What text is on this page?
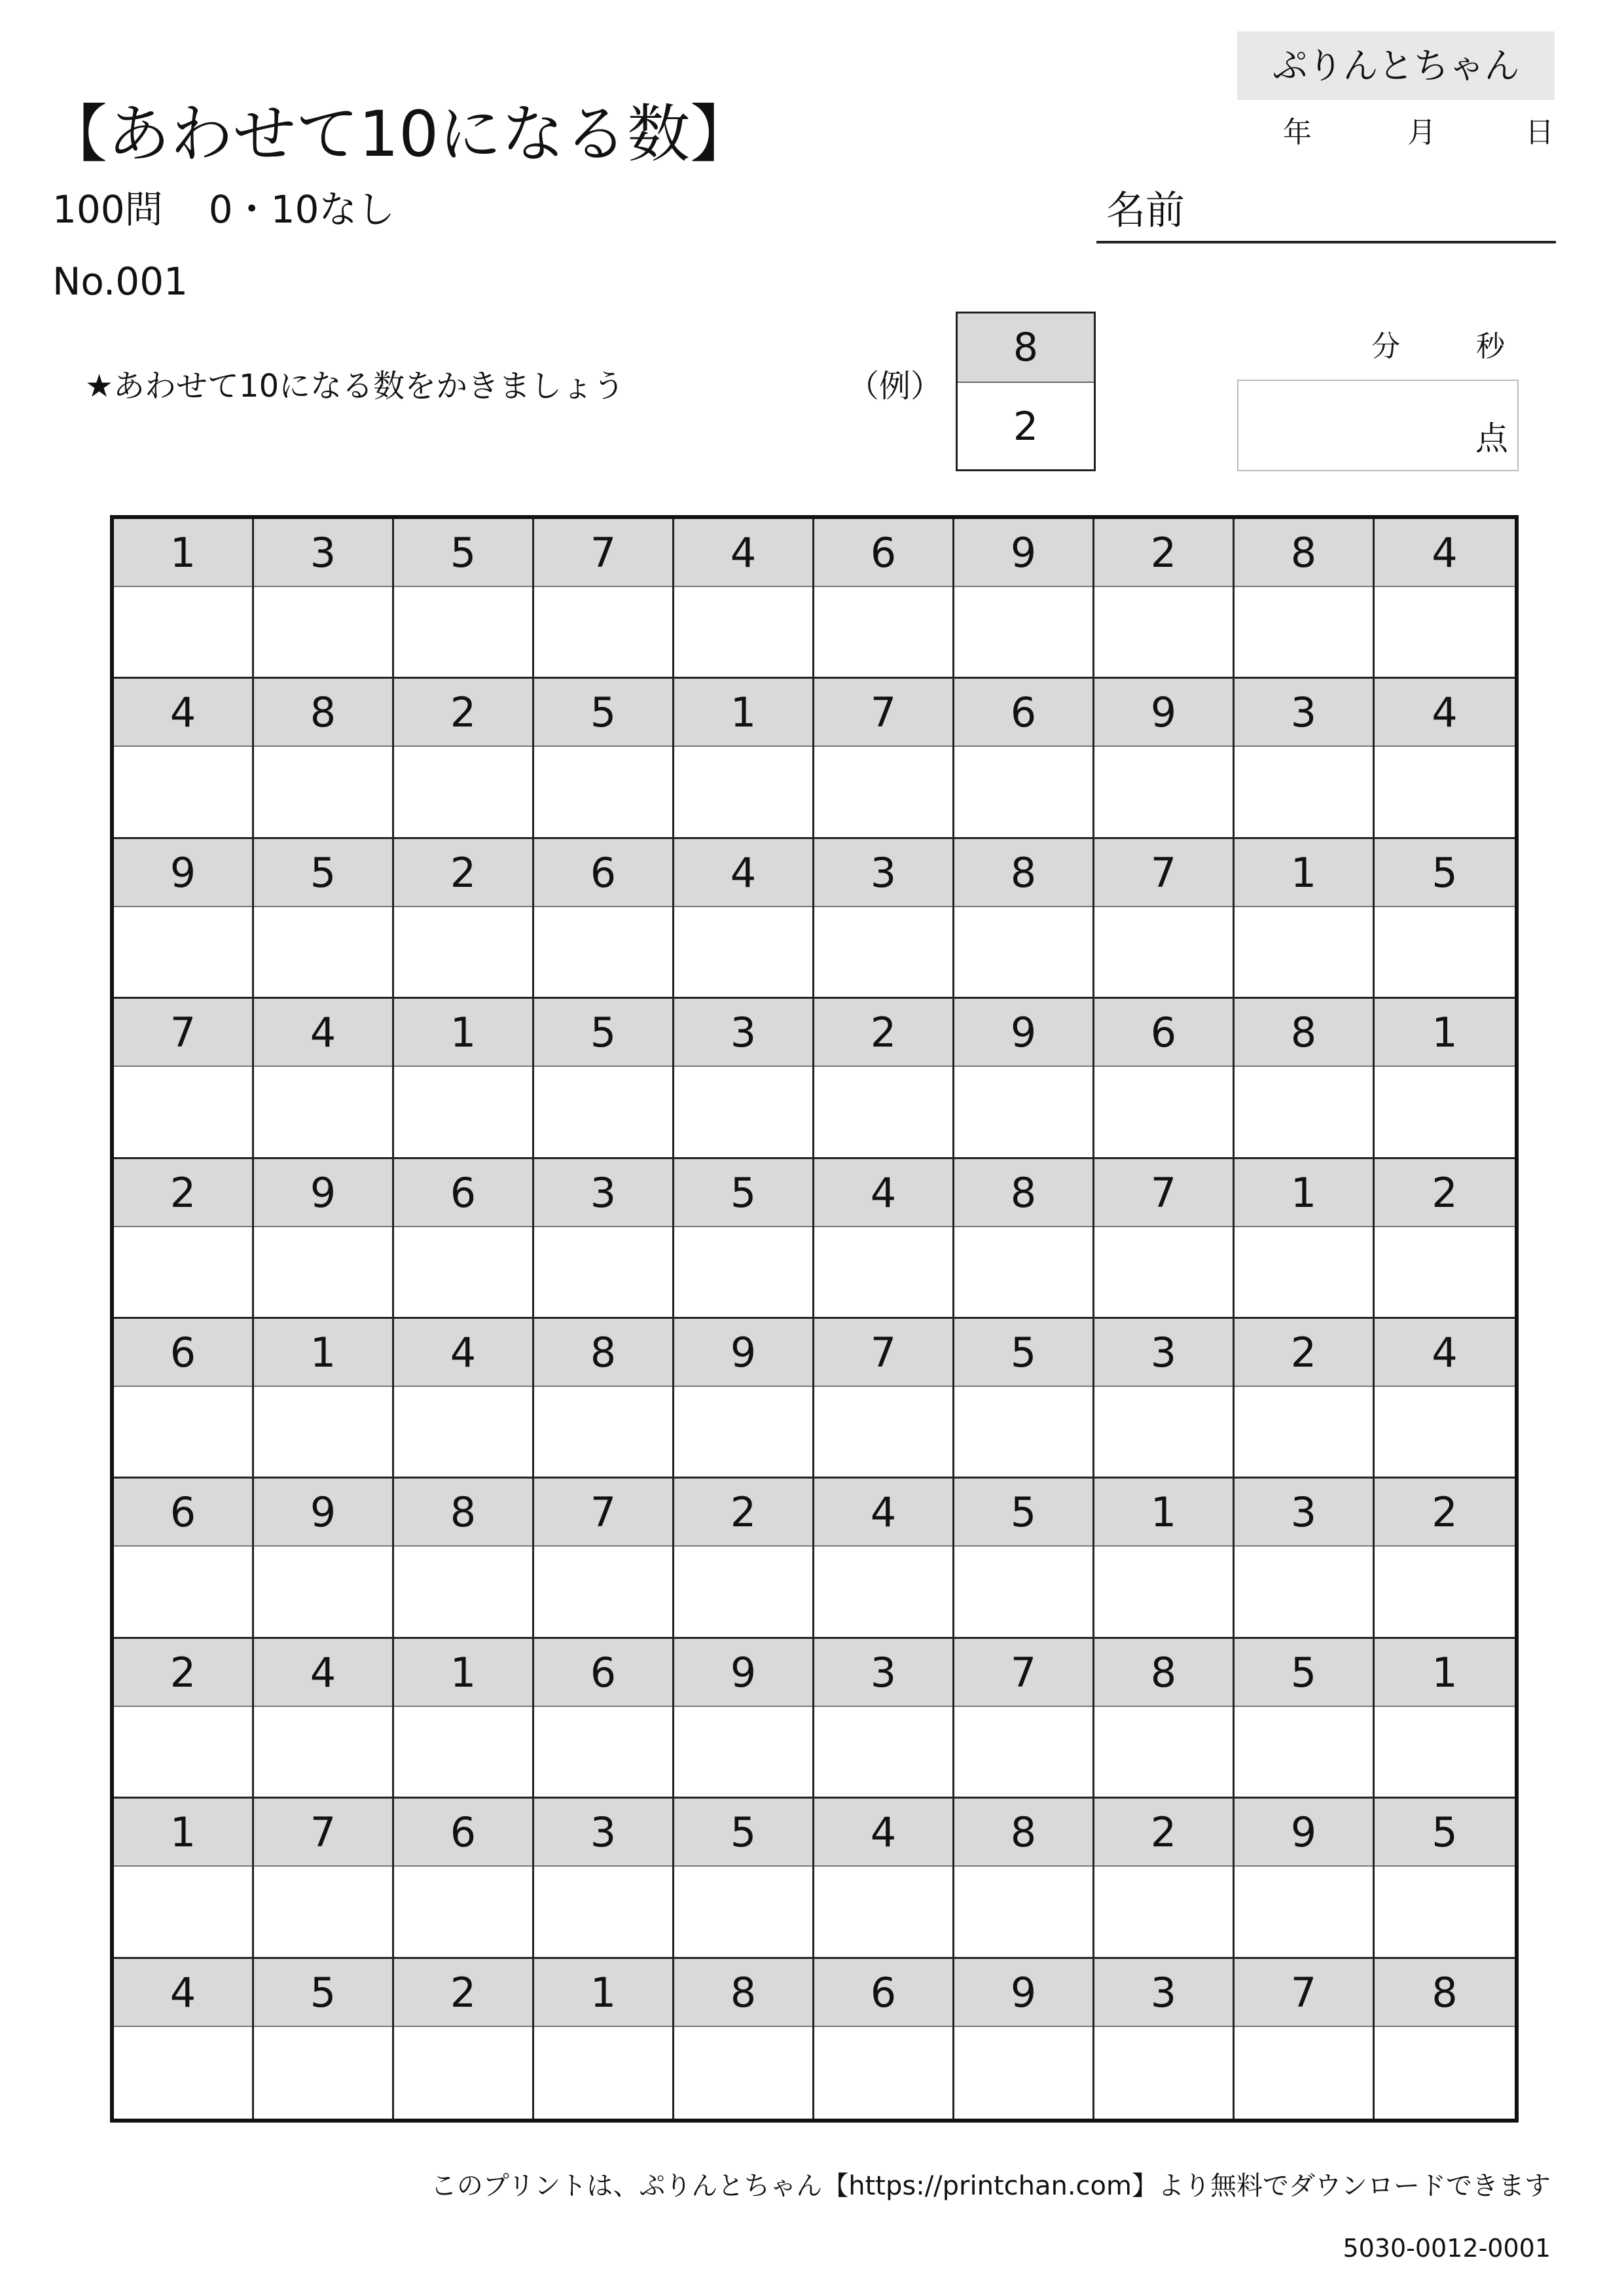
【あわせて10になる数】
100問 0・10なし
No.001
ぷりんとちゃん
年	月	日
名前
★あわせて10になる数をかきましょう	（例）
8
2
分	秒
点
1	3	5	7	4	6	9	2	8	4
4	8	2	5	1	7	6	9	3	4
9	5	2	6	4	3	8	7	1	5
7	4	1	5	3	2	9	6	8	1
2	9	6	3	5	4	8	7	1	2
6	1	4	8	9	7	5	3	2	4
6	9	8	7	2	4	5	1	3	2
2	4	1	6	9	3	7	8	5	1
1	7	6	3	5	4	8	2	9	5
4	5	2	1	8	6	9	3	7	8
このプリントは、ぷりんとちゃん【https://printchan.com】より無料でダウンロードできます
5030-0012-0001
